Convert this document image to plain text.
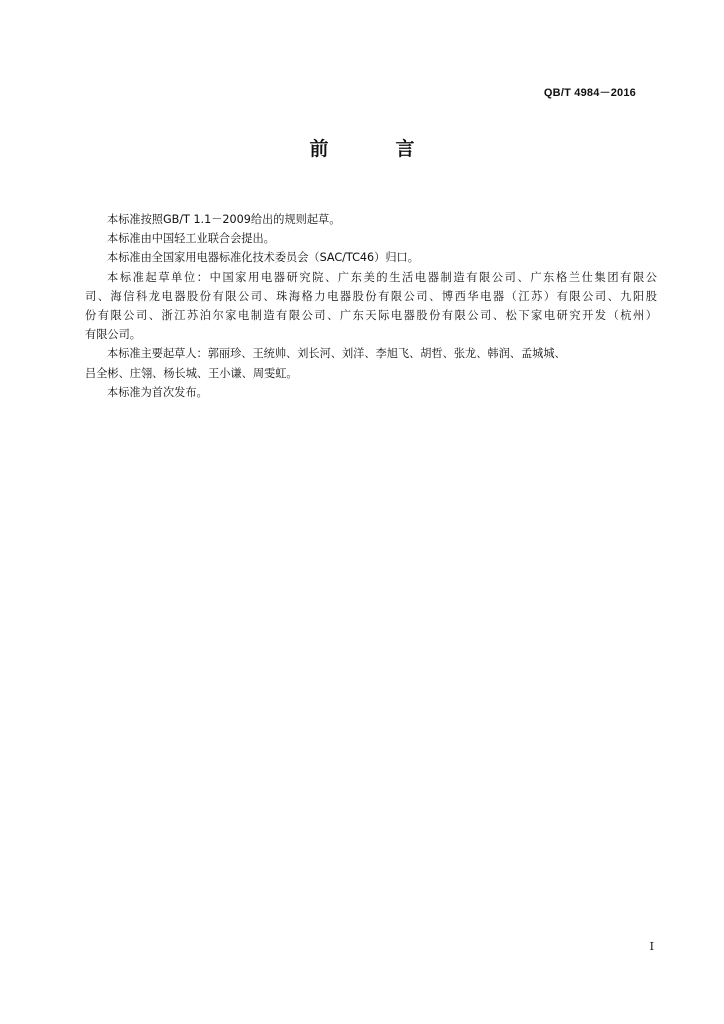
QB/T 4984－2016
前　言
本标准按照GB/T 1.1－2009给出的规则起草。
本标准由中国轻工业联合会提出。
本标准由全国家用电器标准化技术委员会（SAC/TC46）归口。
本标准起草单位：中国家用电器研究院、广东美的生活电器制造有限公司、广东格兰仕集团有限公
司、海信科龙电器股份有限公司、珠海格力电器股份有限公司、博西华电器（江苏）有限公司、九阳股
份有限公司、浙江苏泊尔家电制造有限公司、广东天际电器股份有限公司、松下家电研究开发（杭州）
有限公司。
本标准主要起草人：郭丽珍、王统帅、刘长河、刘洋、李旭飞、胡哲、张龙、韩润、孟城城、
吕全彬、庄翎、杨长城、王小谦、周雯虹。
本标准为首次发布。
I
